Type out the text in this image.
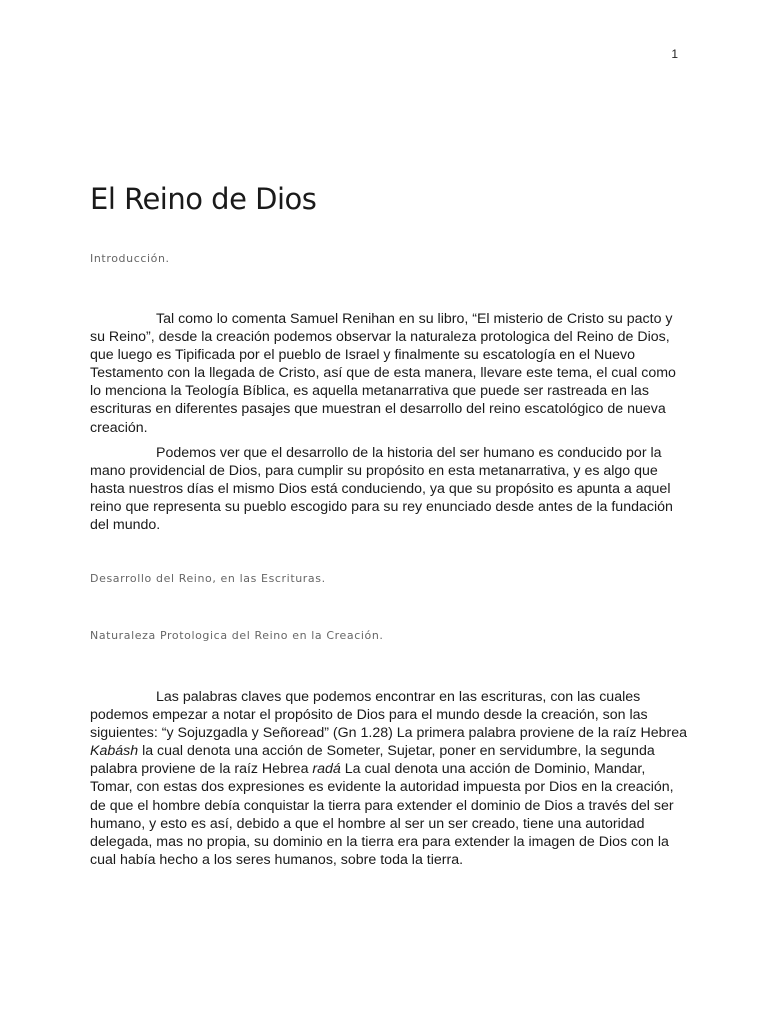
1
El Reino de Dios
Introducción.

Tal como lo comenta Samuel Renihan en su libro, “El misterio de Cristo su pacto y su Reino”, desde la creación podemos observar la naturaleza protologica del Reino de Dios, que luego es Tipificada por el pueblo de Israel y finalmente su escatología en el Nuevo Testamento con la llegada de Cristo, así que de esta manera, llevare este tema, el cual como lo menciona la Teología Bíblica, es aquella metanarrativa que puede ser rastreada en las escrituras en diferentes pasajes que muestran el desarrollo del reino escatológico de nueva creación.

Podemos ver que el desarrollo de la historia del ser humano es conducido por la mano providencial de Dios, para cumplir su propósito en esta metanarrativa, y es algo que hasta nuestros días el mismo Dios está conduciendo, ya que su propósito es apunta a aquel reino que representa su pueblo escogido para su rey enunciado desde antes de la fundación del mundo.

Desarrollo del Reino, en las Escrituras.
Naturaleza Protologica del Reino en la Creación.

Las palabras claves que podemos encontrar en las escrituras, con las cuales podemos empezar a notar el propósito de Dios para el mundo desde la creación, son las siguientes: “y Sojuzgadla y Señoread” (Gn 1.28) La primera palabra proviene de la raíz Hebrea Kabásh la cual denota una acción de Someter, Sujetar, poner en servidumbre, la segunda palabra proviene de la raíz Hebrea radá La cual denota una acción de Dominio, Mandar, Tomar, con estas dos expresiones es evidente la autoridad impuesta por Dios en la creación, de que el hombre debía conquistar la tierra para extender el dominio de Dios a través del ser humano, y esto es así, debido a que el hombre al ser un ser creado, tiene una autoridad delegada, mas no propia, su dominio en la tierra era para extender la imagen de Dios con la cual había hecho a los seres humanos, sobre toda la tierra.
